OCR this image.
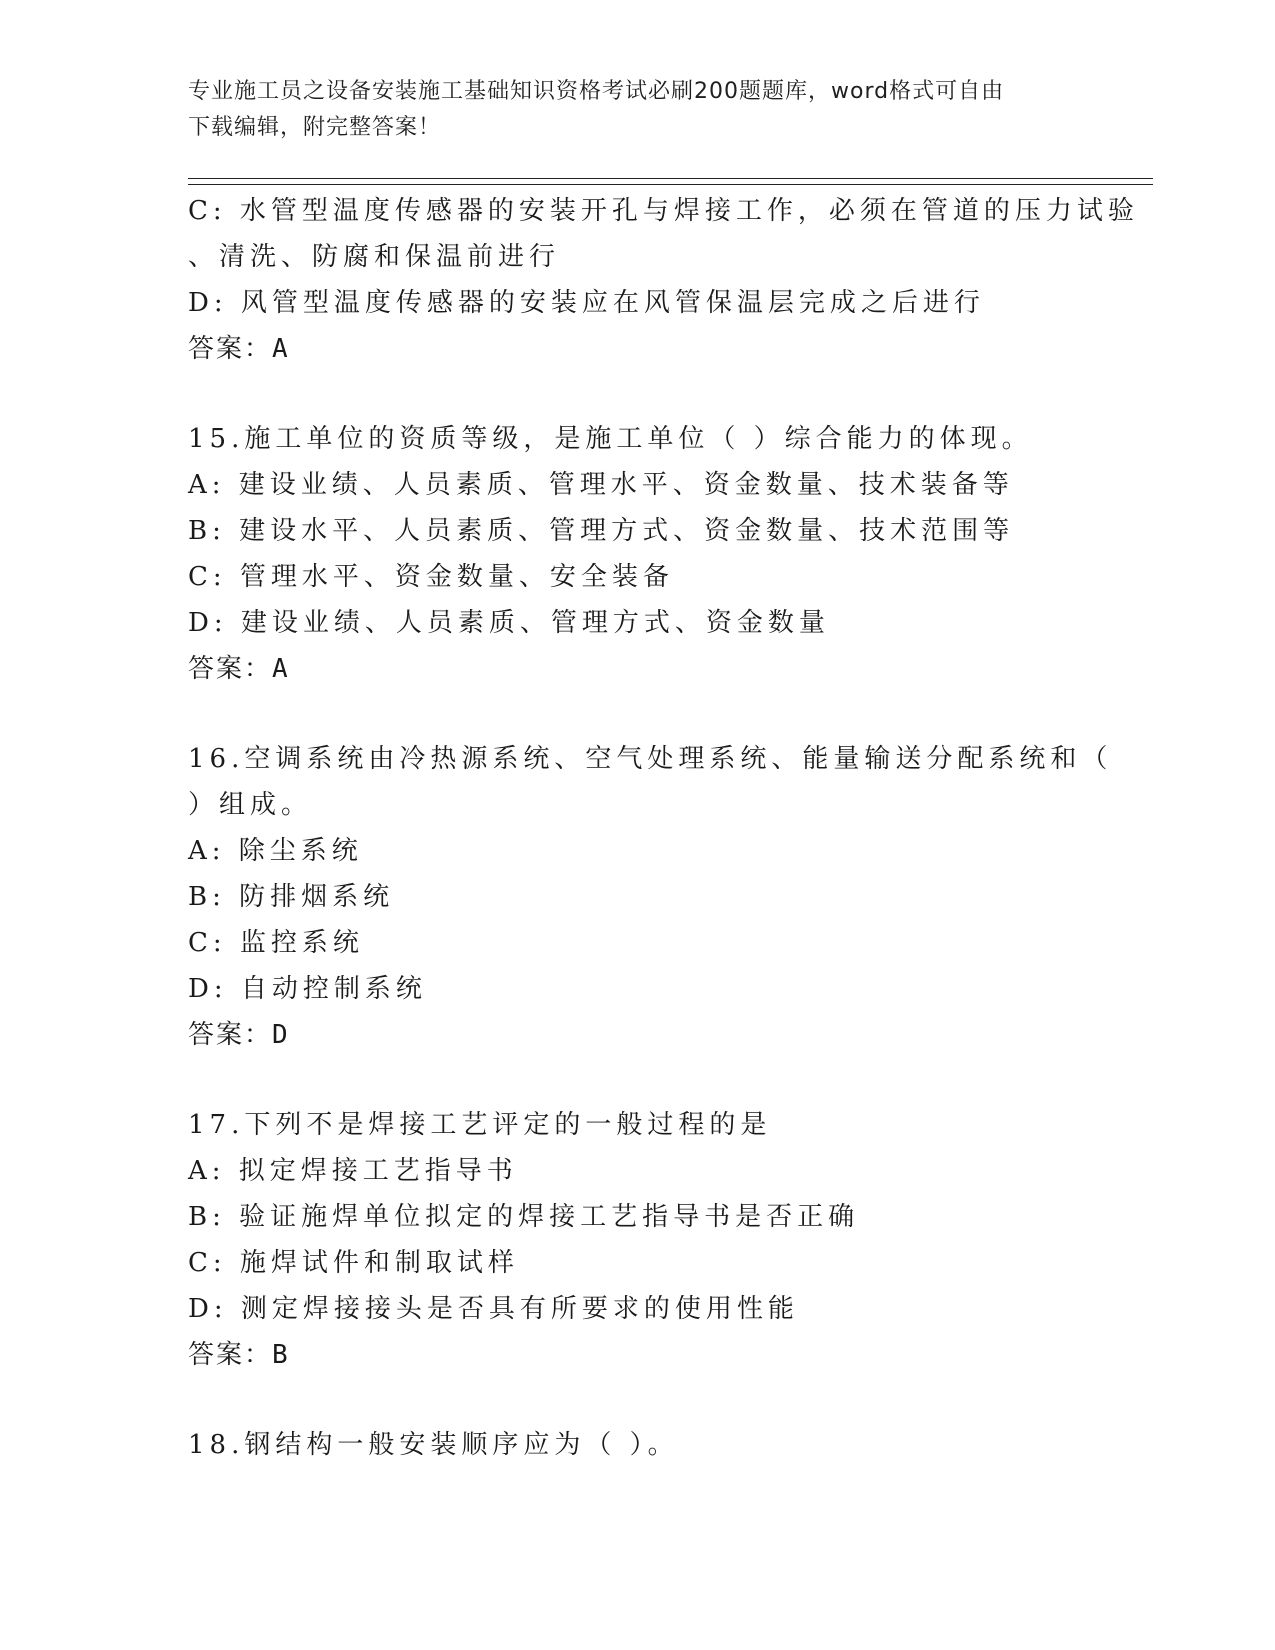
专业施工员之设备安装施工基础知识资格考试必刷200题题库，word格式可自由
下载编辑，附完整答案！
C: 水管型温度传感器的安装开孔与焊接工作，必须在管道的压力试验
、清洗、防腐和保温前进行
D: 风管型温度传感器的安装应在风管保温层完成之后进行
答案：A
15.施工单位的资质等级，是施工单位（ ）综合能力的体现。
A: 建设业绩、人员素质、管理水平、资金数量、技术装备等
B: 建设水平、人员素质、管理方式、资金数量、技术范围等
C: 管理水平、资金数量、安全装备
D: 建设业绩、人员素质、管理方式、资金数量
答案：A
16.空调系统由冷热源系统、空气处理系统、能量输送分配系统和（
）组成。
A: 除尘系统
B: 防排烟系统
C: 监控系统
D: 自动控制系统
答案：D
17.下列不是焊接工艺评定的一般过程的是
A: 拟定焊接工艺指导书
B: 验证施焊单位拟定的焊接工艺指导书是否正确
C: 施焊试件和制取试样
D: 测定焊接接头是否具有所要求的使用性能
答案：B
18.钢结构一般安装顺序应为（ ）。
